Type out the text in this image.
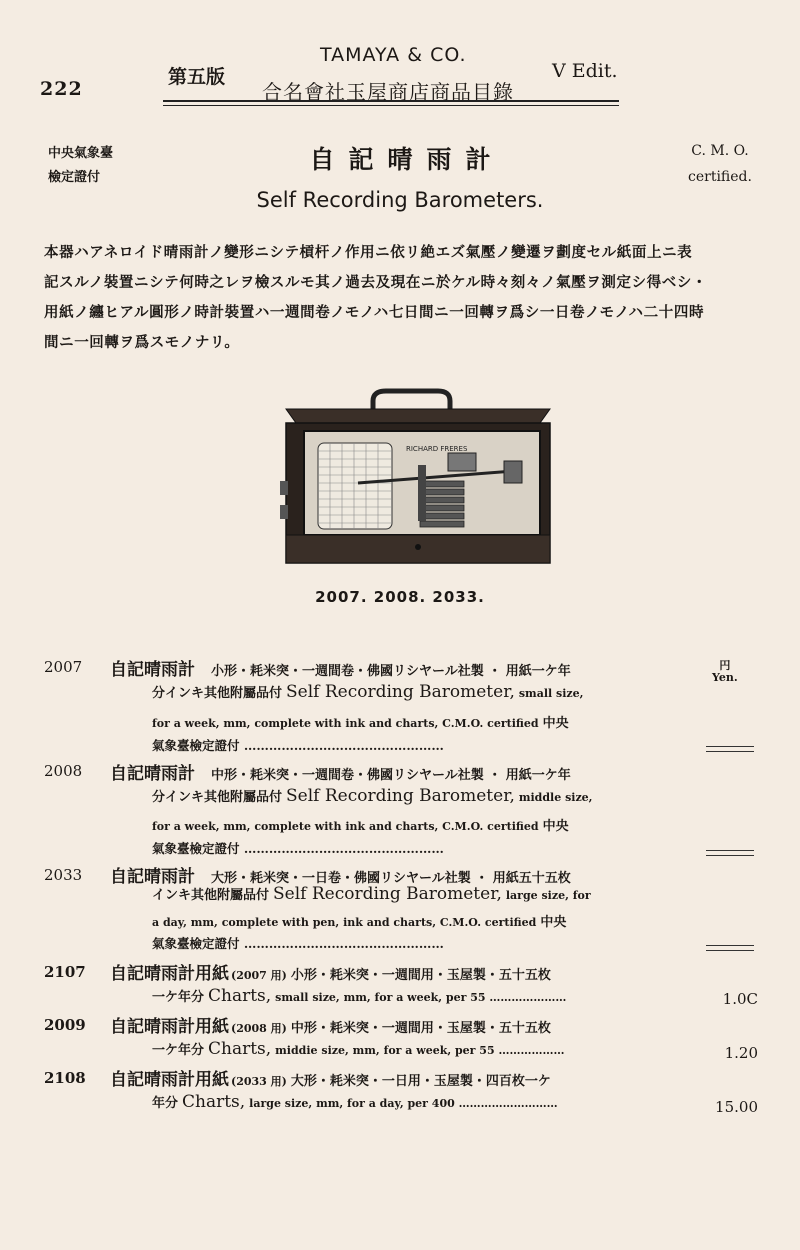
222
第五版
TAMAYA & CO.
合名會社玉屋商店商品目錄
V Edit.
中央氣象臺
檢定證付
C. M. O.
certified.
自記晴雨計
Self Recording Barometers.
本器ハアネロイド晴雨計ノ變形ニシテ槓杆ノ作用ニ依リ絶エズ氣壓ノ變遷ヲ劃度セル紙面上ニ表
記スルノ裝置ニシテ何時之レヲ檢スルモ其ノ過去及現在ニ於ケル時々刻々ノ氣壓ヲ測定シ得ベシ・
用紙ノ纏ヒアル圓形ノ時計裝置ハ一週間卷ノモノハ七日間ニ一回轉ヲ爲シ一日卷ノモノハ二十四時
間ニ一回轉ヲ爲スモノナリ。
RICHARD FRERES
2007. 2008. 2033.
円
Yen.
2007 自記晴雨計 小形・耗米突・一週間卷・佛國リシヤール社製 ・ 用紙一ケ年
分インキ其他附屬品付 Self Recording Barometer, small size,
for a week, mm, complete with ink and charts, C.M.O. certified 中央
氣象臺檢定證付 …………………………………………
2008 自記晴雨計 中形・耗米突・一週間卷・佛國リシヤール社製 ・ 用紙一ケ年
分インキ其他附屬品付 Self Recording Barometer, middle size,
for a week, mm, complete with ink and charts, C.M.O. certified 中央
氣象臺檢定證付 …………………………………………
2033 自記晴雨計 大形・耗米突・一日卷・佛國リシヤール社製 ・ 用紙五十五枚
インキ其他附屬品付 Self Recording Barometer, large size, for
a day, mm, complete with pen, ink and charts, C.M.O. certified 中央
氣象臺檢定證付 …………………………………………
2107 自記晴雨計用紙 (2007 用) 小形・耗米突・一週間用・玉屋製・五十五枚
一ケ年分 Charts, small size, mm, for a week, per 55 …………………	1.0C
2009 自記晴雨計用紙 (2008 用) 中形・耗米突・一週間用・玉屋製・五十五枚
一ケ年分 Charts, middie size, mm, for a week, per 55 ………………	1.20
2108 自記晴雨計用紙 (2033 用) 大形・耗米突・一日用・玉屋製・四百枚一ケ
年分 Charts, large size, mm, for a day, per 400 ………………………	15.00
